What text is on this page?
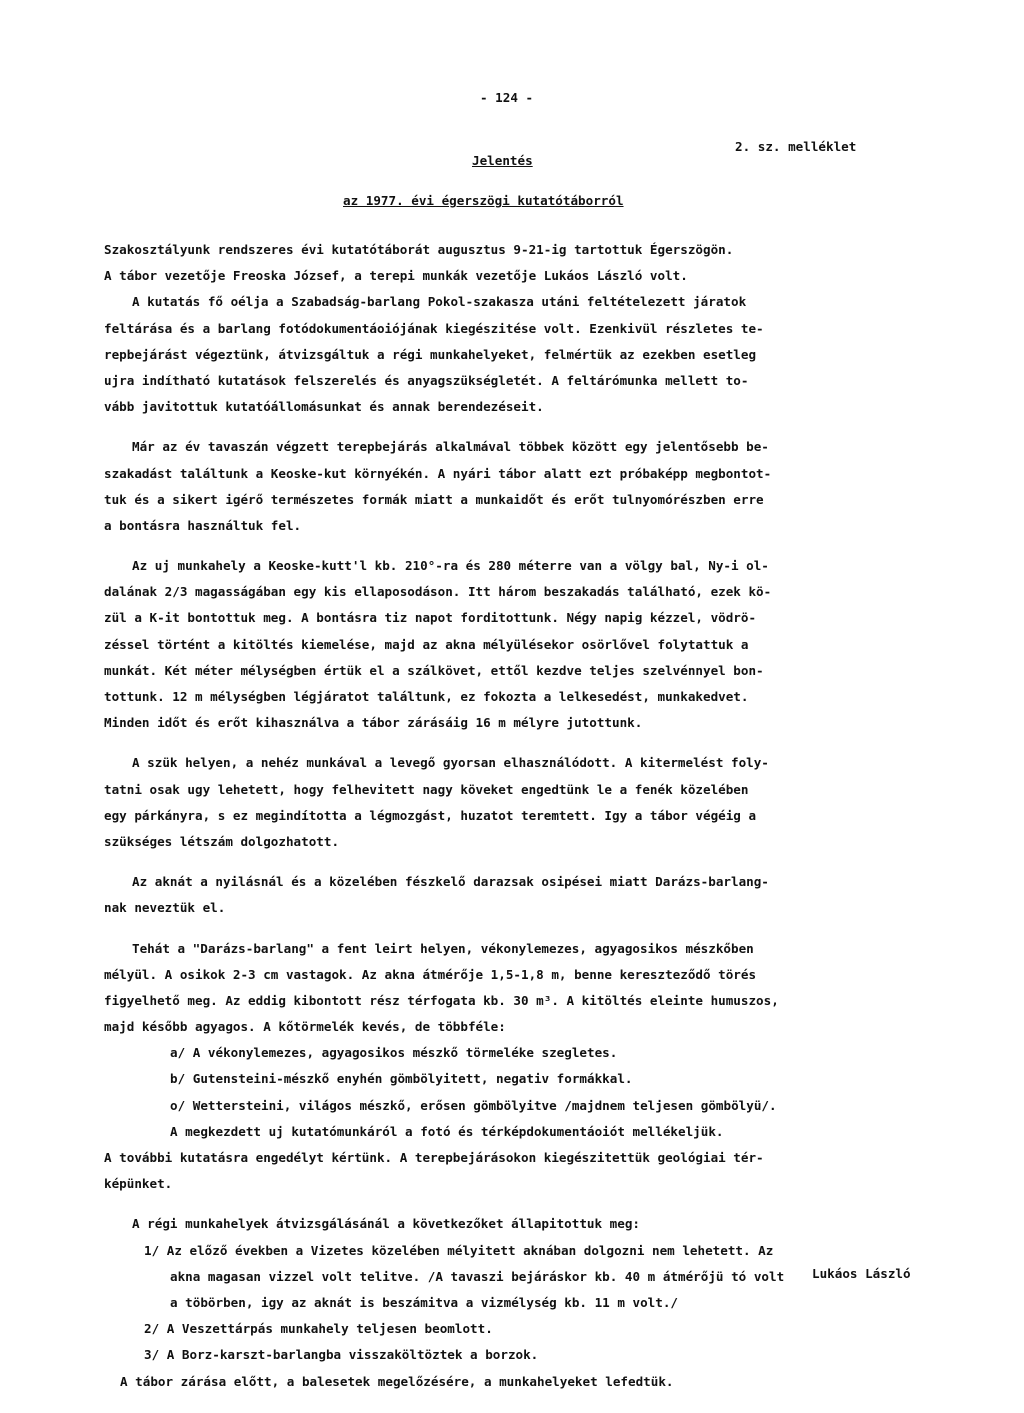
- 124 -
2. sz. melléklet
Jelentés
az 1977. évi égerszögi kutatótáborról
Szakosztályunk rendszeres évi kutatótáborát augusztus 9-21-ig tartottuk Égerszögön.
A tábor vezetője Freoska József, a terepi munkák vezetője Lukáos László volt.
A kutatás fő oélja a Szabadság-barlang Pokol-szakasza utáni feltételezett járatok
feltárása és a barlang fotódokumentáoiójának kiegészitése volt. Ezenkivül részletes te-
repbejárást végeztünk, átvizsgáltuk a régi munkahelyeket, felmértük az ezekben esetleg
ujra indítható kutatások felszerelés és anyagszükségletét. A feltárómunka mellett to-
vább javitottuk kutatóállomásunkat és annak berendezéseit.
Már az év tavaszán végzett terepbejárás alkalmával többek között egy jelentősebb be-
szakadást találtunk a Keoske-kut környékén. A nyári tábor alatt ezt próbaképp megbontot-
tuk és a sikert igérő természetes formák miatt a munkaidőt és erőt tulnyomórészben erre
a bontásra használtuk fel.
Az uj munkahely a Keoske-kutt'l kb. 210°-ra és 280 méterre van a völgy bal, Ny-i ol-
dalának 2/3 magasságában egy kis ellaposodáson. Itt három beszakadás található, ezek kö-
zül a K-it bontottuk meg. A bontásra tiz napot forditottunk. Négy napig kézzel, vödrö-
zéssel történt a kitöltés kiemelése, majd az akna mélyülésekor osörlővel folytattuk a
munkát. Két méter mélységben értük el a szálkövet, ettől kezdve teljes szelvénnyel bon-
tottunk. 12 m mélységben légjáratot találtunk, ez fokozta a lelkesedést, munkakedvet.
Minden időt és erőt kihasználva a tábor zárásáig 16 m mélyre jutottunk.
A szük helyen, a nehéz munkával a levegő gyorsan elhasználódott. A kitermelést foly-
tatni osak ugy lehetett, hogy felhevitett nagy köveket engedtünk le a fenék közelében
egy párkányra, s ez megindította a légmozgást, huzatot teremtett. Igy a tábor végéig a
szükséges létszám dolgozhatott.
Az aknát a nyilásnál és a közelében fészkelő darazsak osipései miatt Darázs-barlang-
nak neveztük el.
Tehát a "Darázs-barlang" a fent leirt helyen, vékonylemezes, agyagosikos mészkőben
mélyül. A osikok 2-3 cm vastagok. Az akna átmérője 1,5-1,8 m, benne kereszteződő törés
figyelhető meg. Az eddig kibontott rész térfogata kb. 30 m³. A kitöltés eleinte humuszos,
majd később agyagos. A kőtörmelék kevés, de többféle:
a/ A vékonylemezes, agyagosikos mészkő törmeléke szegletes.
b/ Gutensteini-mészkő enyhén gömbölyitett, negativ formákkal.
o/ Wettersteini, világos mészkő, erősen gömbölyitve /majdnem teljesen gömbölyü/.
A megkezdett uj kutatómunkáról a fotó és térképdokumentáoiót mellékeljük.
A további kutatásra engedélyt kértünk. A terepbejárásokon kiegészitettük geológiai tér-
képünket.
A régi munkahelyek átvizsgálásánál a következőket állapitottuk meg:
1/ Az előző években a Vizetes közelében mélyitett aknában dolgozni nem lehetett. Az
akna magasan vizzel volt telitve. /A tavaszi bejáráskor kb. 40 m átmérőjü tó volt
a töbörben, igy az aknát is beszámitva a vizmélység kb. 11 m volt./
2/ A Veszettárpás munkahely teljesen beomlott.
3/ A Borz-karszt-barlangba visszaköltöztek a borzok.
A tábor zárása előtt, a balesetek megelőzésére, a munkahelyeket lefedtük.
Lukáos László
